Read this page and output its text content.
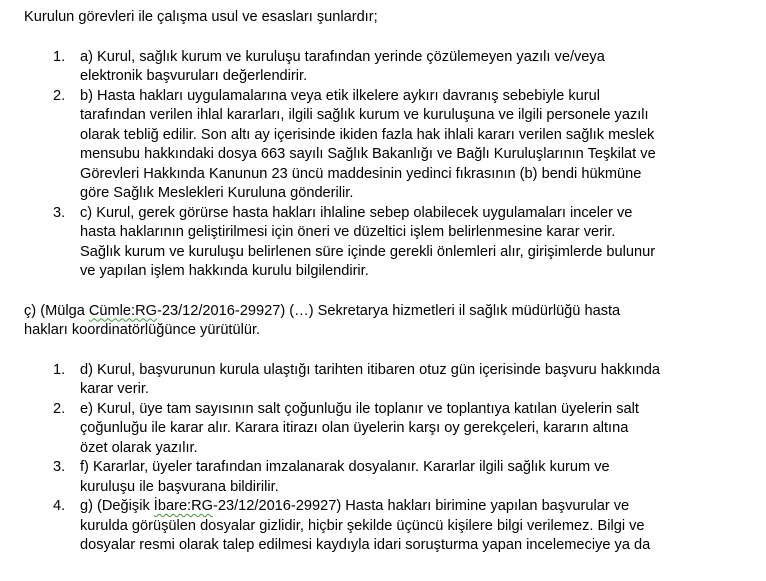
Kurulun görevleri ile çalışma usul ve esasları şunlardır;

1. a) Kurul, sağlık kurum ve kuruluşu tarafından yerinde çözülemeyen yazılı ve/veya
elektronik başvuruları değerlendirir.
2. b) Hasta hakları uygulamalarına veya etik ilkelere aykırı davranış sebebiyle kurul
tarafından verilen ihlal kararları, ilgili sağlık kurum ve kuruluşuna ve ilgili personele yazılı
olarak tebliğ edilir. Son altı ay içerisinde ikiden fazla hak ihlali kararı verilen sağlık meslek
mensubu hakkındaki dosya 663 sayılı Sağlık Bakanlığı ve Bağlı Kuruluşlarının Teşkilat ve
Görevleri Hakkında Kanunun 23 üncü maddesinin yedinci fıkrasının (b) bendi hükmüne
göre Sağlık Meslekleri Kuruluna gönderilir.
3. c) Kurul, gerek görürse hasta hakları ihlaline sebep olabilecek uygulamaları inceler ve
hasta haklarının geliştirilmesi için öneri ve düzeltici işlem belirlenmesine karar verir.
Sağlık kurum ve kuruluşu belirlenen süre içinde gerekli önlemleri alır, girişimlerde bulunur
ve yapılan işlem hakkında kurulu bilgilendirir.

ç) (Mülga Cümle:RG-23/12/2016-29927) (…) Sekretarya hizmetleri il sağlık müdürlüğü hasta

hakları koordinatörlüğünce yürütülür.

1. d) Kurul, başvurunun kurula ulaştığı tarihten itibaren otuz gün içerisinde başvuru hakkında
karar verir.
2. e) Kurul, üye tam sayısının salt çoğunluğu ile toplanır ve toplantıya katılan üyelerin salt
çoğunluğu ile karar alır. Karara itirazı olan üyelerin karşı oy gerekçeleri, kararın altına
özet olarak yazılır.
3. f) Kararlar, üyeler tarafından imzalanarak dosyalanır. Kararlar ilgili sağlık kurum ve
kuruluşu ile başvurana bildirilir.
4. g) (Değişik İbare:RG-23/12/2016-29927) Hasta hakları birimine yapılan başvurular ve
kurulda görüşülen dosyalar gizlidir, hiçbir şekilde üçüncü kişilere bilgi verilemez. Bilgi ve
dosyalar resmi olarak talep edilmesi kaydıyla idari soruşturma yapan incelemeciye ya da
